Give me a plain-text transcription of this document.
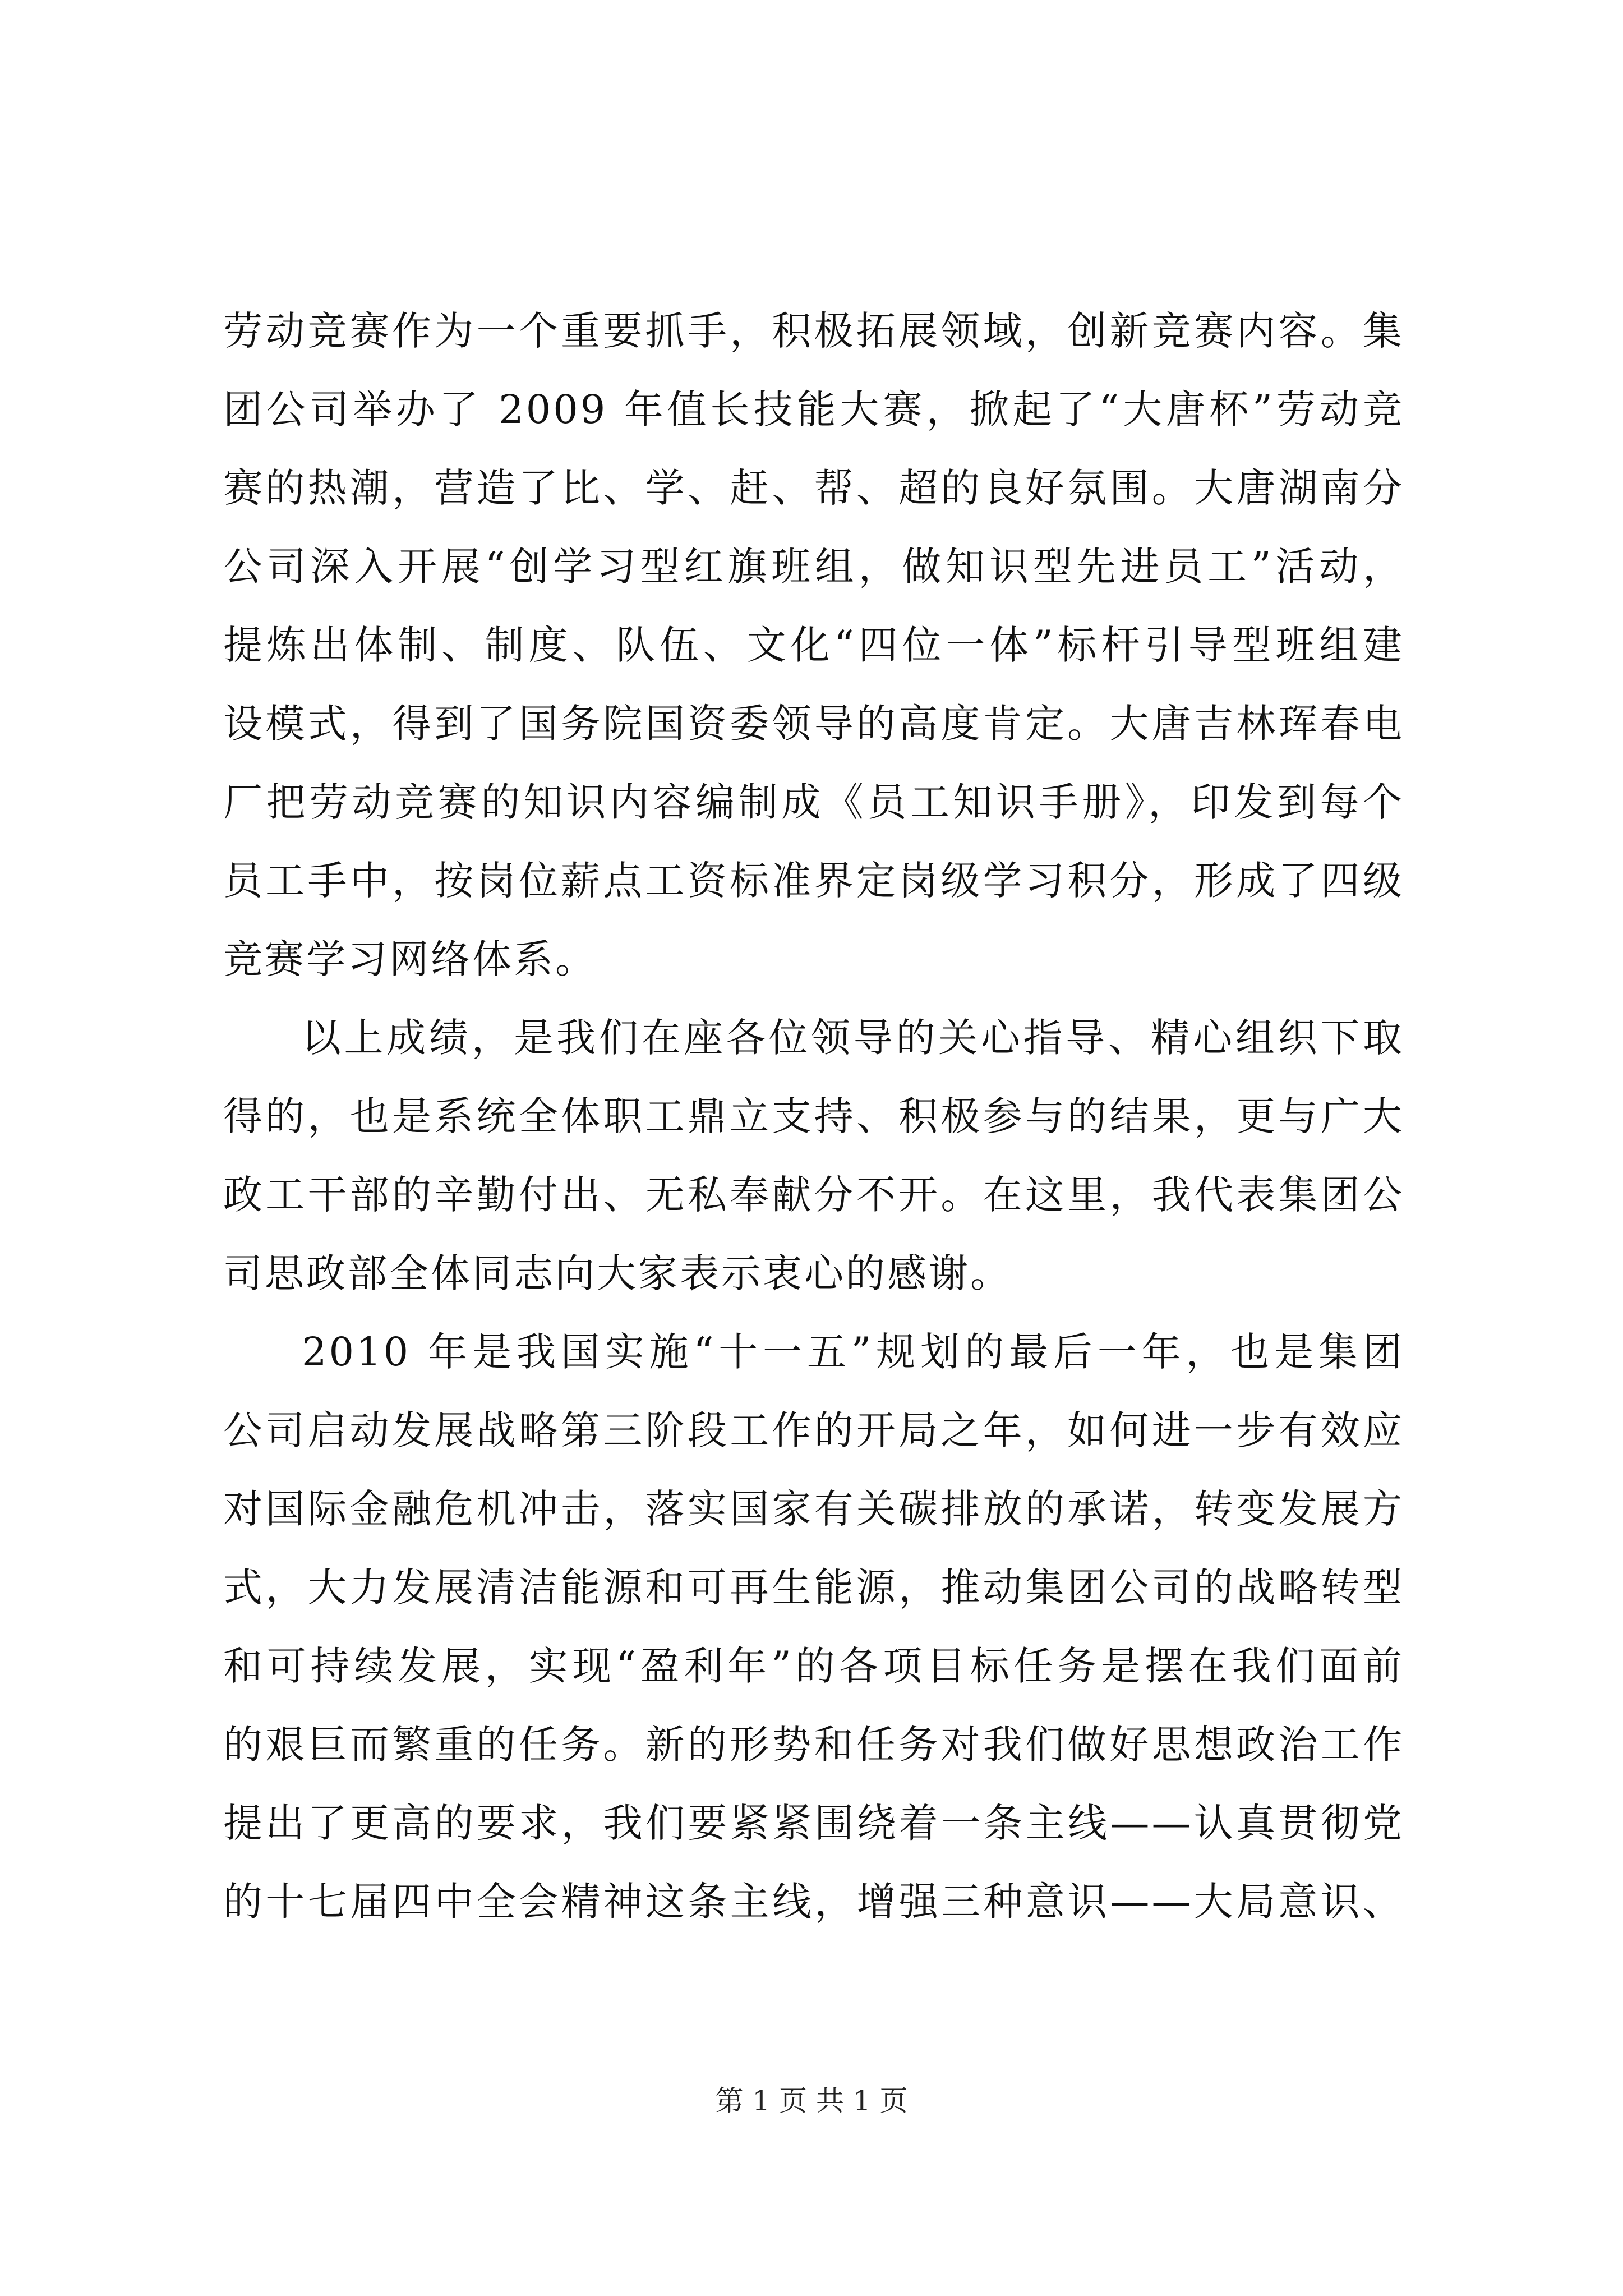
劳动竞赛作为一个重要抓手，积极拓展领域，创新竞赛内容。集
团公司举办了 2009 年值长技能大赛，掀起了“大唐杯”劳动竞
赛的热潮，营造了比、学、赶、帮、超的良好氛围。大唐湖南分
公司深入开展“创学习型红旗班组，做知识型先进员工”活动，
提炼出体制、制度、队伍、文化“四位一体”标杆引导型班组建
设模式，得到了国务院国资委领导的高度肯定。大唐吉林珲春电
厂把劳动竞赛的知识内容编制成《员工知识手册》，印发到每个
员工手中，按岗位薪点工资标准界定岗级学习积分，形成了四级
竞赛学习网络体系。
以上成绩，是我们在座各位领导的关心指导、精心组织下取
得的，也是系统全体职工鼎立支持、积极参与的结果，更与广大
政工干部的辛勤付出、无私奉献分不开。在这里，我代表集团公
司思政部全体同志向大家表示衷心的感谢。
2010 年是我国实施“十一五”规划的最后一年，也是集团
公司启动发展战略第三阶段工作的开局之年，如何进一步有效应
对国际金融危机冲击，落实国家有关碳排放的承诺，转变发展方
式，大力发展清洁能源和可再生能源，推动集团公司的战略转型
和可持续发展，实现“盈利年”的各项目标任务是摆在我们面前
的艰巨而繁重的任务。新的形势和任务对我们做好思想政治工作
提出了更高的要求，我们要紧紧围绕着一条主线——认真贯彻党
的十七届四中全会精神这条主线，增强三种意识——大局意识、
第 1 页 共 1 页
